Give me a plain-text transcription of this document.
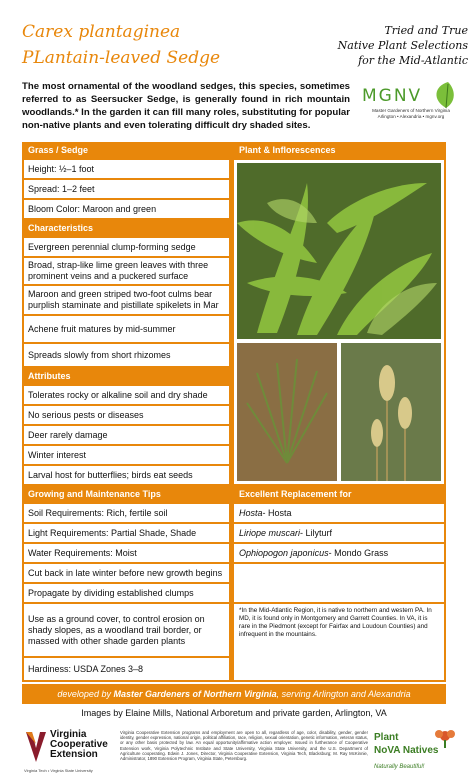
Carex plantaginea
PLantain-leaved Sedge
Tried and True
Native Plant Selections
for the Mid-Atlantic
The most ornamental of the woodland sedges, this species, sometimes referred to as Seersucker Sedge, is generally found in rich mountain woodlands.* In the garden it can fill many roles, substituting for popular non-native plants and even tolerating difficult dry shaded sites.
MGNV
Master Gardeners of Northern Virginia
Arlington • Alexandria • mgnv.org
Grass / Sedge
Height: ½–1 foot
Spread: 1–2 feet
Bloom Color: Maroon and green
Characteristics
Evergreen perennial clump-forming sedge
Broad, strap-like lime green leaves with three prominent veins and a puckered surface
Maroon and green striped two-foot culms bear purplish staminate and pistillate spikelets in Mar
Achene fruit matures by mid-summer
Spreads slowly from short rhizomes
Attributes
Tolerates rocky or alkaline soil and dry shade
No serious pests or diseases
Deer rarely damage
Winter interest
Larval host for butterflies; birds eat seeds
Growing and Maintenance Tips
Soil Requirements: Rich, fertile soil
Light Requirements: Partial Shade, Shade
Water Requirements: Moist
Cut back in late winter before new growth begins
Propagate by dividing established clumps
Use as a ground cover, to control erosion on shady slopes, as a woodland trail border, or massed with other shade garden plants
Hardiness: USDA Zones 3–8
Plant & Inflorescences
Excellent Replacement for
Hosta - Hosta
Liriope muscari - Lilyturf
Ophiopogon japonicus - Mondo Grass
*In the Mid-Atlantic Region, it is native to northern and western PA. In MD, it is found only in Montgomery and Garrett Counties. In VA, it is rare in the Piedmont (except for Fairfax and Loudoun Counties) and infrequent in the mountains.
developed by Master Gardeners of Northern Virginia, serving Arlington and Alexandria
Images by Elaine Mills, National Arboretum and private garden, Arlington, VA
Virginia
Cooperative
Extension
Virginia Tech • Virginia State University
Virginia Cooperative Extension programs and employment are open to all, regardless of age, color, disability, gender, gender identity, gender expression, national origin, political affiliation, race, religion, sexual orientation, genetic information, veteran status, or any other basis protected by law. An equal opportunity/affirmative action employer. Issued in furtherance of Cooperative Extension work, Virginia Polytechnic Institute and State University, Virginia State University, and the U.S. Department of Agriculture cooperating. Edwin J. Jones, Director, Virginia Cooperative Extension, Virginia Tech, Blacksburg; M. Ray McKinnie, Administrator, 1890 Extension Program, Virginia State, Petersburg.
Plant
NoVA Natives
Naturally Beautiful!
